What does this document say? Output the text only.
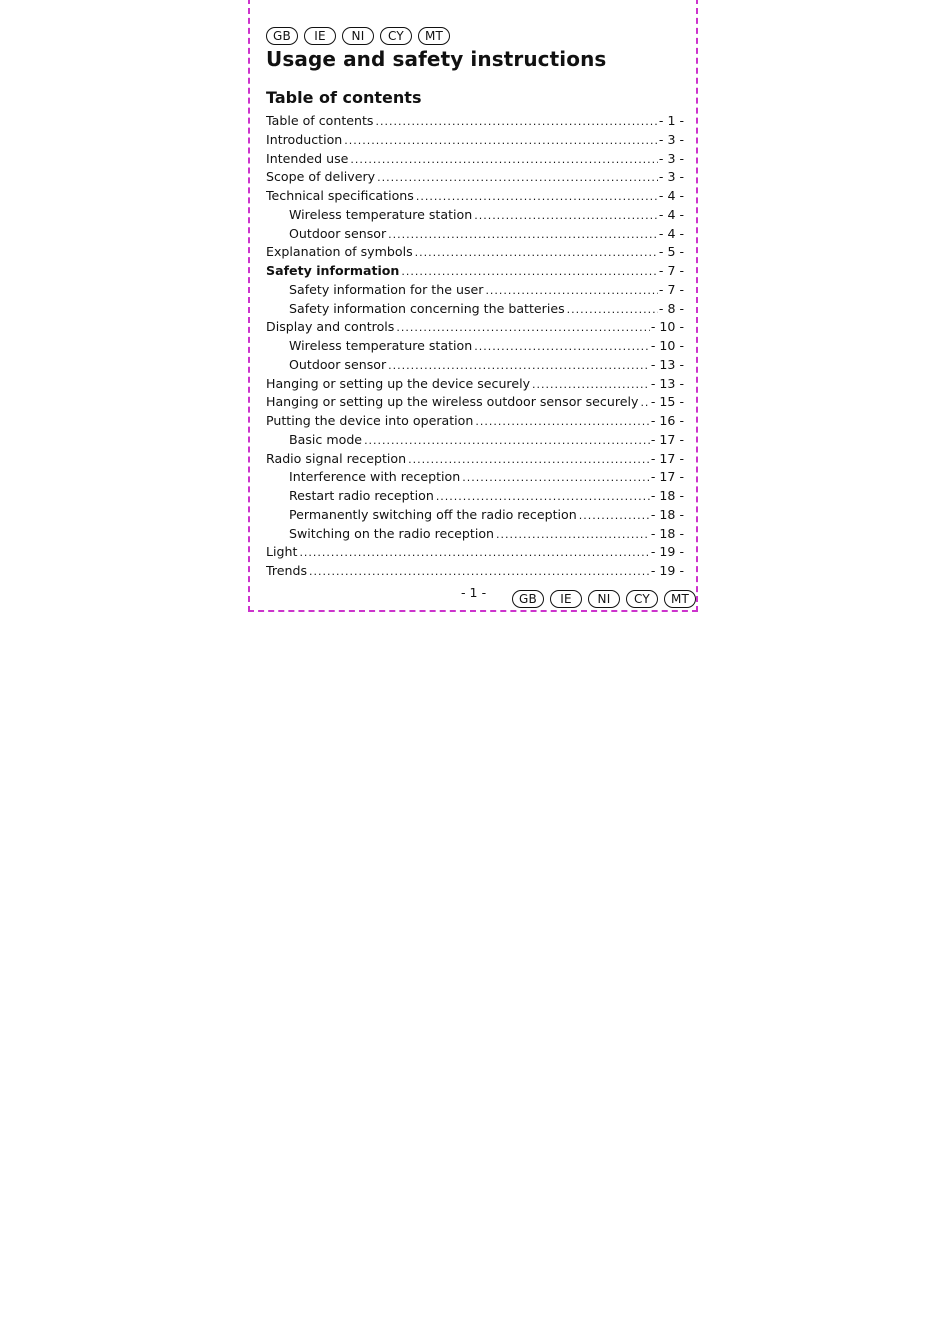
GB	IE	NI	CY	MT
Usage and safety instructions
Table of contents
Table of contents .....	- 1 -
Introduction .....	- 3 -
Intended use .....	- 3 -
Scope of delivery .....	- 3 -
Technical specifications .....	- 4 -
Wireless temperature station .....	- 4 -
Outdoor sensor .....	- 4 -
Explanation of symbols .....	- 5 -
Safety information .....	- 7 -
Safety information for the user .....	- 7 -
Safety information concerning the batteries .....	- 8 -
Display and controls .....	- 10 -
Wireless temperature station .....	- 10 -
Outdoor sensor .....	- 13 -
Hanging or setting up the device securely .....	- 13 -
Hanging or setting up the wireless outdoor sensor securely ..... - 15 -
Putting the device into operation .....	- 16 -
Basic mode .....	- 17 -
Radio signal reception .....	- 17 -
Interference with reception .....	- 17 -
Restart radio reception .....	- 18 -
Permanently switching off the radio reception .....	- 18 -
Switching on the radio reception .....	- 18 -
Light .....	- 19 -
Trends .....	- 19 -

- 1 -	GB	IE	NI	CY	MT
